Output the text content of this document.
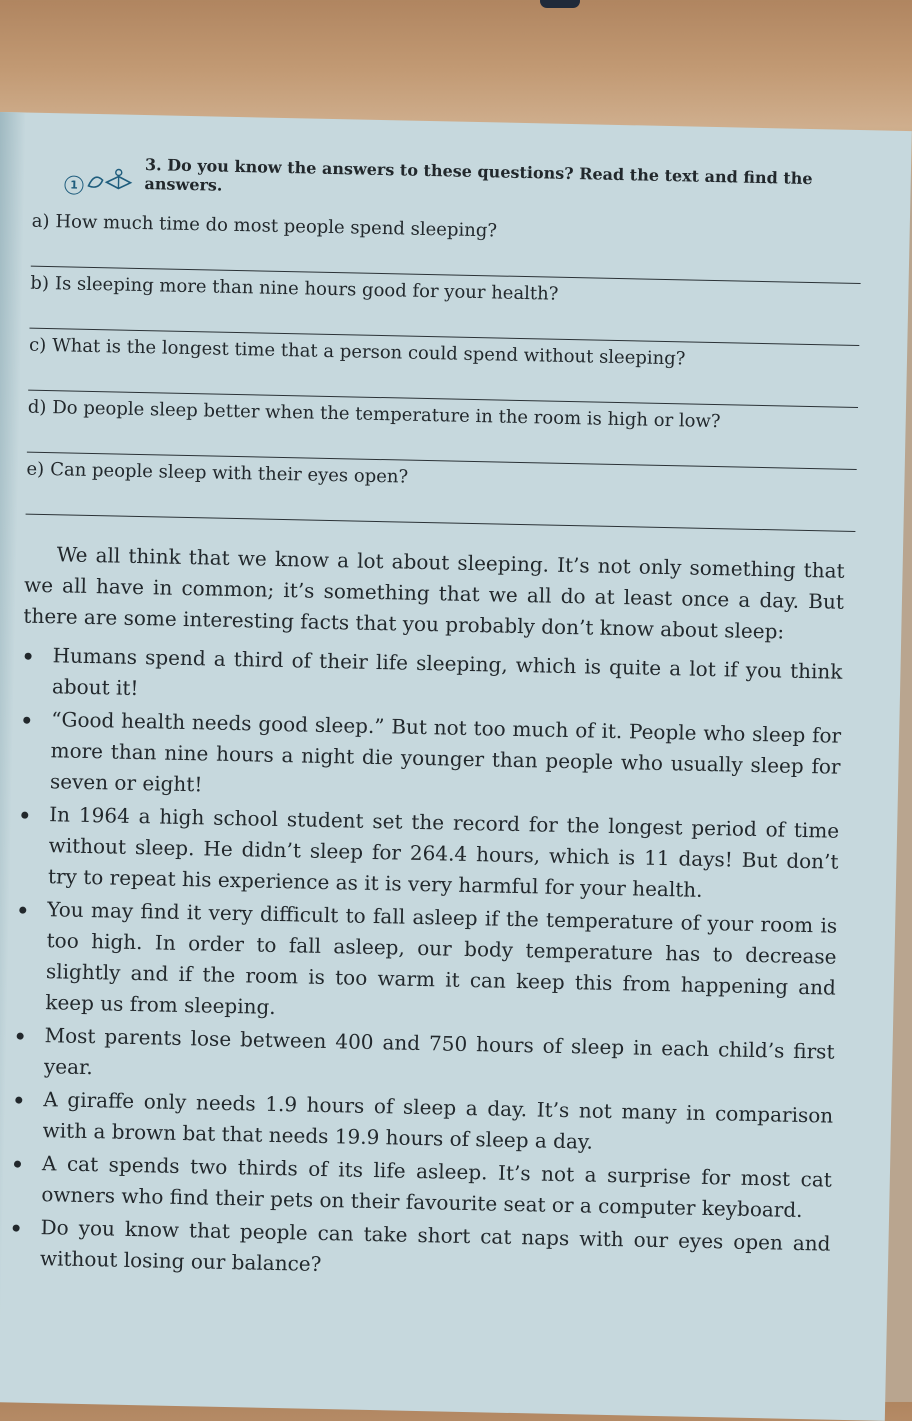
1	3. Do you know the answers to these questions? Read the text and find the answers.
a) How much time do most people spend sleeping?
b) Is sleeping more than nine hours good for your health?
c) What is the longest time that a person could spend without sleeping?
d) Do people sleep better when the temperature in the room is high or low?
e) Can people sleep with their eyes open?

We all think that we know a lot about sleeping. It’s not only something that we all have in common; it’s something that we all do at least once a day. But there are some interesting facts that you probably don’t know about sleep:

Humans spend a third of their life sleeping, which is quite a lot if you think about it!
“Good health needs good sleep.” But not too much of it. People who sleep for more than nine hours a night die younger than people who usually sleep for seven or eight!
In 1964 a high school student set the record for the longest period of time without sleep. He didn’t sleep for 264.4 hours, which is 11 days! But don’t try to repeat his experience as it is very harmful for your health.
You may find it very difficult to fall asleep if the temperature of your room is too high. In order to fall asleep, our body temperature has to decrease slightly and if the room is too warm it can keep this from happening and keep us from sleeping.
Most parents lose between 400 and 750 hours of sleep in each child’s first year.
A giraffe only needs 1.9 hours of sleep a day. It’s not many in comparison with a brown bat that needs 19.9 hours of sleep a day.
A cat spends two thirds of its life asleep. It’s not a surprise for most cat owners who find their pets on their favourite seat or a computer keyboard.
Do you know that people can take short cat naps with our eyes open and without losing our balance?
